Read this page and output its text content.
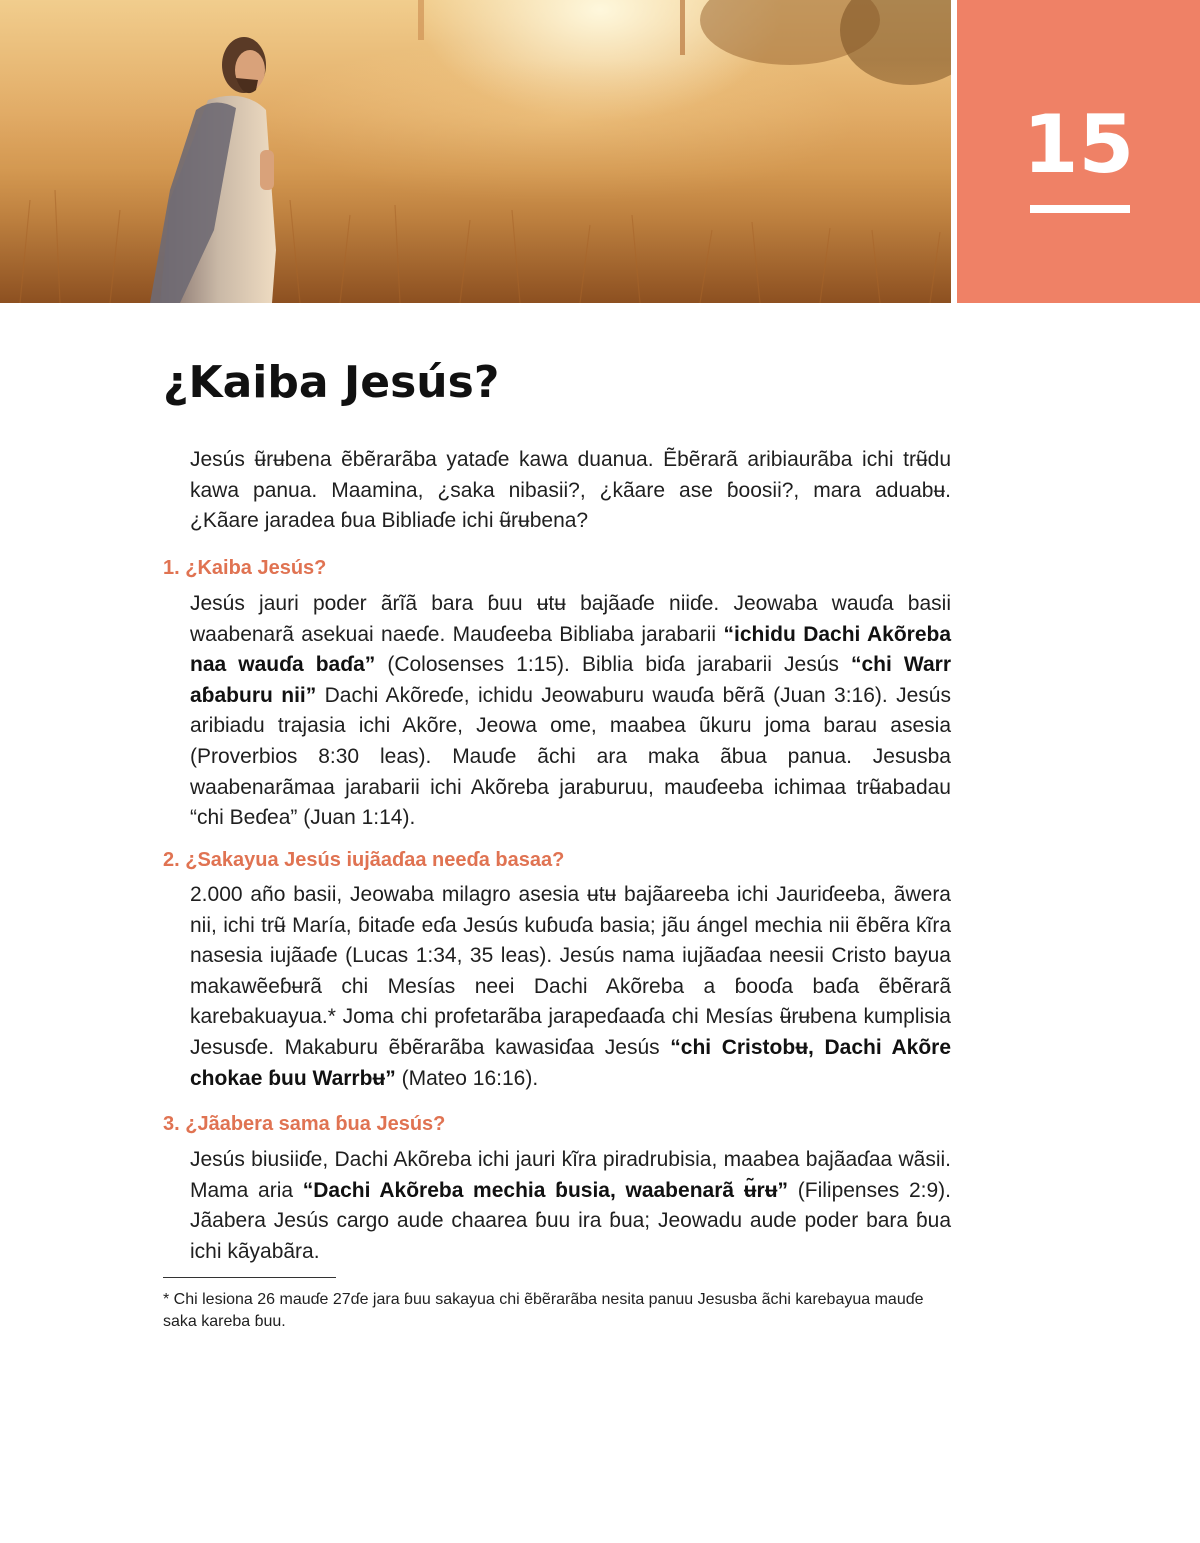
15
¿Kaiba Jesús?

Jesús ʉ̃rʉbena ẽbẽrarãba yataɗe kawa duanua. Ẽbẽrarã aribiaurãba ichi trʉ̃du kawa panua. Maamina, ¿saka nibasii?, ¿kãare ase ɓoosii?, mara aduabʉ. ¿Kãare jaradea ɓua Bibliaɗe ichi ʉ̃rʉbena?

1. ¿Kaiba Jesús?

Jesús jauri poder ãrĩã bara ɓuu ʉtʉ bajãaɗe niiɗe. Jeowaba wauɗa basii waabenarã asekuai naeɗe. Mauɗeeba Bibliaba jarabarii “ichidu Dachi Akõreba naa wauɗa baɗa” (Colosenses 1:15). Biblia biɗa jarabarii Jesús “chi Warr aɓaburu nii” Dachi Akõreɗe, ichidu Jeowaburu wauɗa bẽrã (Juan 3:16). Jesús aribiadu trajasia ichi Akõre, Jeowa ome, maabea ũkuru joma barau asesia (Proverbios 8:30 leas). Mauɗe ãchi ara maka ãbua panua. Jesusba waabenarãmaa jarabarii ichi Akõreba jaraburuu, mauɗeeba ichimaa trʉ̃abadau “chi Beɗea” (Juan 1:14).

2. ¿Sakayua Jesús iujãaɗaa neeɗa basaa?

2.000 año basii, Jeowaba milagro asesia ʉtʉ bajãareeba ichi Jauriɗeeba, ãwera nii, ichi trʉ̃ María, ɓitaɗe eɗa Jesús kuɓuɗa basia; jãu ángel mechia nii ẽbẽra kĩra nasesia iujãaɗe (Lucas 1:34, 35 leas). Jesús nama iujãaɗaa neesii Cristo bayua makawẽeɓʉrã chi Mesías neei Dachi Akõreba a ɓooɗa baɗa ẽbẽrarã karebakuayua.* Joma chi profetarãba jarapeɗaaɗa chi Mesías ʉ̃rʉbena kumplisia Jesusɗe. Makaburu ẽbẽrarãba kawasiɗaa Jesús “chi Cristobʉ, Dachi Akõre chokae ɓuu Warrbʉ” (Mateo 16:16).

3. ¿Jãabera sama ɓua Jesús?

Jesús biusiiɗe, Dachi Akõreba ichi jauri kĩra piradrubisia, maabea bajãaɗaa wãsii. Mama aria “Dachi Akõreba mechia ɓusia, waabenarã ʉ̃rʉ” (Filipenses 2:9). Jãabera Jesús cargo aude chaarea ɓuu ira ɓua; Jeowadu aude poder bara ɓua ichi kãyabãra.

* Chi lesiona 26 mauɗe 27ɗe jara ɓuu sakayua chi ẽbẽrarãba nesita panuu Jesusba ãchi karebayua mauɗe saka kareba ɓuu.
